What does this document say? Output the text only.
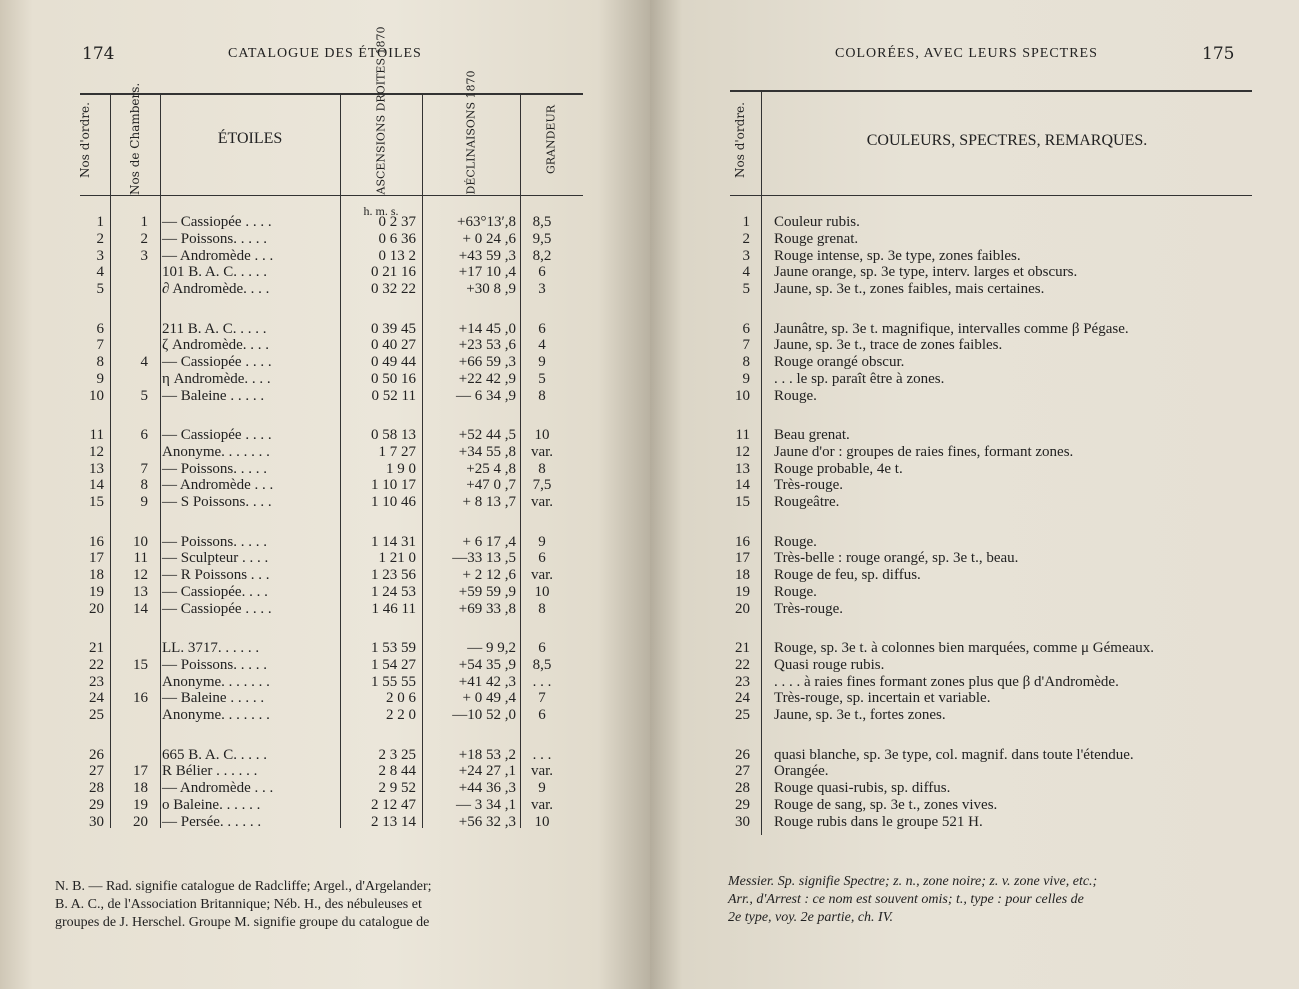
174	CATALOGUE DES ÉTOILES
Nos d'ordre.	Nos de Chambers.	ÉTOILES	ASCENSIONS DROITES 1870	DÉCLINAISONS 1870	GRANDEUR
h. m. s.
1	1 — Cassiopée . . . .	0 2 37	+63°13′,8	8,5
2	2 — Poissons. . . . .	0 6 36	+ 0 24 ,6	9,5
3	3 — Andromède . . .	0 13 2	+43 59 ,3	8,2
4	101 B. A. C. . . . .	0 21 16	+17 10 ,4	6
5	∂ Andromède. . . .	0 32 22	+30 8 ,9	3
6	211 B. A. C. . . . .	0 39 45	+14 45 ,0	6
7	ζ Andromède. . . .	0 40 27	+23 53 ,6	4
8	4 — Cassiopée . . . .	0 49 44	+66 59 ,3	9
9	η Andromède. . . .	0 50 16	+22 42 ,9	5
10	5 — Baleine . . . . .	0 52 11	— 6 34 ,9	8
11	6 — Cassiopée . . . .	0 58 13	+52 44 ,5	10
12	Anonyme. . . . . . .	1 7 27	+34 55 ,8 var.
13	7 — Poissons. . . . .	1 9 0	+25 4 ,8	8
14	8 — Andromède . . .	1 10 17	+47 0 ,7	7,5
15	9 — S Poissons. . . .	1 10 46	+ 8 13 ,7 var.
16	10 — Poissons. . . . .	1 14 31	+ 6 17 ,4	9
17	11 — Sculpteur . . . .	1 21 0	—33 13 ,5	6
18	12 — R Poissons . . .	1 23 56	+ 2 12 ,6 var.
19	13 — Cassiopée. . . .	1 24 53	+59 59 ,9	10
20	14 — Cassiopée . . . .	1 46 11	+69 33 ,8	8
21	LL. 3717. . . . . .	1 53 59	— 9 9,2	6
22	15 — Poissons. . . . .	1 54 27	+54 35 ,9	8,5
23	Anonyme. . . . . . .	1 55 55	+41 42 ,3	. . .
24	16 — Baleine . . . . .	2 0 6	+ 0 49 ,4	7
25	Anonyme. . . . . . .	2 2 0	—10 52 ,0	6
26	665 B. A. C. . . . .	2 3 25	+18 53 ,2	. . .
27	17 R Bélier . . . . . .	2 8 44	+24 27 ,1 var.
28	18 — Andromède . . .	2 9 52	+44 36 ,3	9
29	19 o Baleine. . . . . .	2 12 47	— 3 34 ,1 var.
30	20 — Persée. . . . . .	2 13 14	+56 32 ,3	10
N. B. — Rad. signifie catalogue de Radcliffe; Argel., d'Argelander;
B. A. C., de l'Association Britannique; Néb. H., des nébuleuses et
groupes de J. Herschel. Groupe M. signifie groupe du catalogue de
COLORÉES, AVEC LEURS SPECTRES	175
Nos d'ordre.	COULEURS, SPECTRES, REMARQUES.
1 Couleur rubis.
2 Rouge grenat.
3 Rouge intense, sp. 3e type, zones faibles.
4 Jaune orange, sp. 3e type, interv. larges et obscurs.
5 Jaune, sp. 3e t., zones faibles, mais certaines.
6 Jaunâtre, sp. 3e t. magnifique, intervalles comme β Pégase.
7 Jaune, sp. 3e t., trace de zones faibles.
8 Rouge orangé obscur.
9 . . . le sp. paraît être à zones.
10 Rouge.
11 Beau grenat.
12 Jaune d'or : groupes de raies fines, formant zones.
13 Rouge probable, 4e t.
14 Très-rouge.
15 Rougeâtre.
16 Rouge.
17 Très-belle : rouge orangé, sp. 3e t., beau.
18 Rouge de feu, sp. diffus.
19 Rouge.
20 Très-rouge.
21 Rouge, sp. 3e t. à colonnes bien marquées, comme μ Gémeaux.
22 Quasi rouge rubis.
23 . . . . à raies fines formant zones plus que β d'Andromède.
24 Très-rouge, sp. incertain et variable.
25 Jaune, sp. 3e t., fortes zones.
26 quasi blanche, sp. 3e type, col. magnif. dans toute l'étendue.
27 Orangée.
28 Rouge quasi-rubis, sp. diffus.
29 Rouge de sang, sp. 3e t., zones vives.
30 Rouge rubis dans le groupe 521 H.
Messier. Sp. signifie Spectre; z. n., zone noire; z. v. zone vive, etc.;
Arr., d'Arrest : ce nom est souvent omis; t., type : pour celles de
2e type, voy. 2e partie, ch. IV.
